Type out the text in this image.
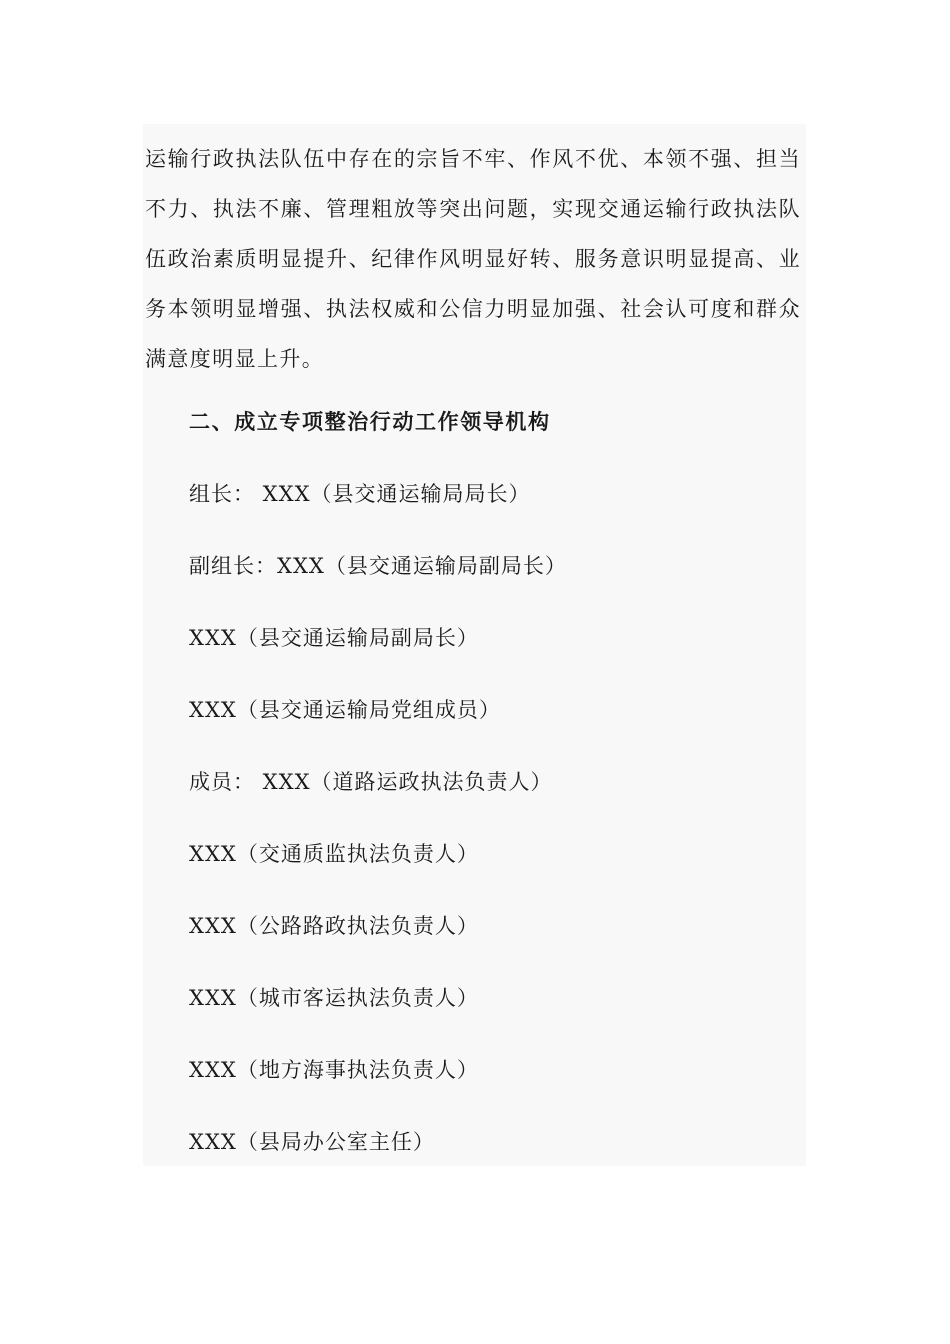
运输行政执法队伍中存在的宗旨不牢、作风不优、本领不强、担当不力、执法不廉、管理粗放等突出问题，实现交通运输行政执法队伍政治素质明显提升、纪律作风明显好转、服务意识明显提高、业务本领明显增强、执法权威和公信力明显加强、社会认可度和群众满意度明显上升。

二、成立专项整治行动工作领导机构

组长： XXX（县交通运输局局长）

副组长：XXX（县交通运输局副局长）

XXX（县交通运输局副局长）

XXX（县交通运输局党组成员）

成员： XXX（道路运政执法负责人）

XXX（交通质监执法负责人）

XXX（公路路政执法负责人）

XXX（城市客运执法负责人）

XXX（地方海事执法负责人）

XXX（县局办公室主任）
